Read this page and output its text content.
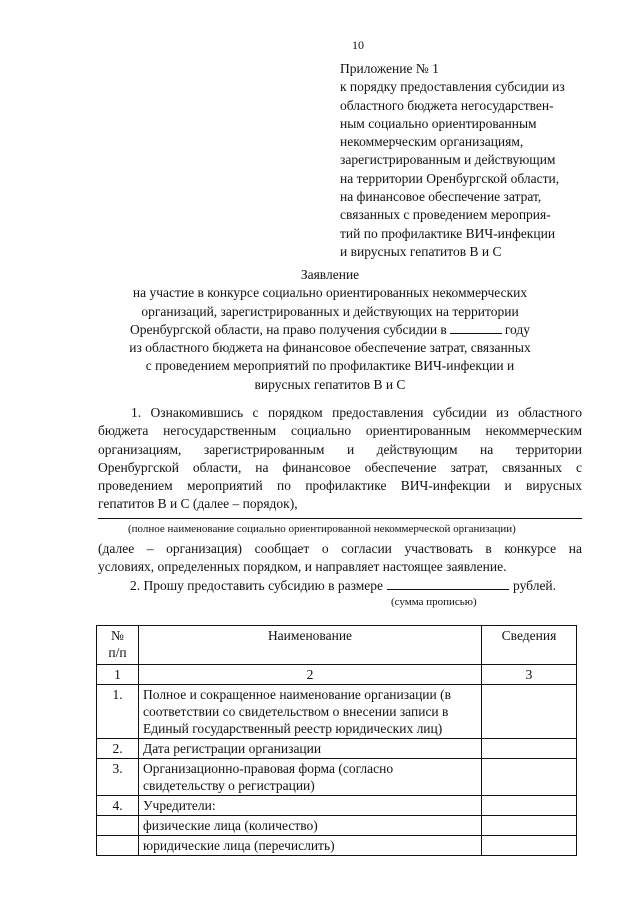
10
Приложение № 1
к порядку предоставления субсидии из
областного бюджета негосударствен-
ным социально ориентированным
некоммерческим организациям,
зарегистрированным и действующим
на территории Оренбургской области,
на финансовое обеспечение затрат,
связанных с проведением мероприя-
тий по профилактике ВИЧ-инфекции
и вирусных гепатитов В и С
Заявление
на участие в конкурсе социально ориентированных некоммерческих
организаций, зарегистрированных и действующих на территории
Оренбургской области, на право получения субсидии в	году
из областного бюджета на финансовое обеспечение затрат, связанных
с проведением мероприятий по профилактике ВИЧ-инфекции и
вирусных гепатитов В и С
1. Ознакомившись с порядком предоставления субсидии из областного
бюджета негосударственным социально ориентированным некоммерческим
организациям, зарегистрированным и действующим на территории
Оренбургской области, на финансовое обеспечение затрат, связанных с
проведением мероприятий по профилактике ВИЧ-инфекции и вирусных
гепатитов В и С (далее – порядок),
(полное наименование социально ориентированной некоммерческой организации)
(далее – организация) сообщает о согласии участвовать в конкурсе на
условиях, определенных порядком, и направляет настоящее заявление.
2. Прошу предоставить субсидию в размере	рублей.
(сумма прописью)
№
п/п	Наименование	Сведения
1	2	3
1.	Полное и сокращенное наименование организации (в соответствии со свидетельством о внесении записи в Единый государственный реестр юридических лиц)	
2.	Дата регистрации организации	
3.	Организационно-правовая форма (согласно свидетельству о регистрации)	
4.	Учредители:	
	физические лица (количество)	
	юридические лица (перечислить)	
